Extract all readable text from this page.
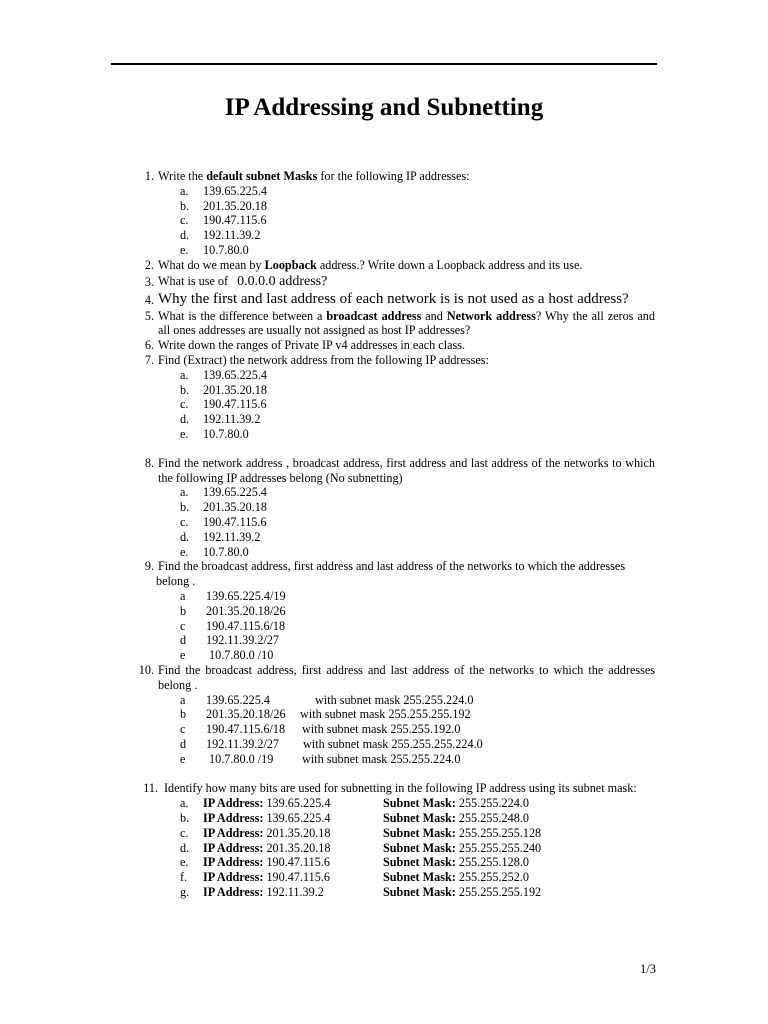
IP Addressing and Subnetting
1. Write the default subnet Masks for the following IP addresses:
a.	139.65.225.4
b.	201.35.20.18
c.	190.47.115.6
d.	192.11.39.2
e.	10.7.80.0
2. What do we mean by Loopback address.? Write down a Loopback address and its use.
3. What is use of 0.0.0.0 address?
4. Why the first and last address of each network is is not used as a host address?
5. What is the difference between a broadcast address and Network address? Why the all zeros and all ones addresses are usually not assigned as host IP addresses?
6. Write down the ranges of Private IP v4 addresses in each class.
7. Find (Extract) the network address from the following IP addresses:
a.	139.65.225.4
b.	201.35.20.18
c.	190.47.115.6
d.	192.11.39.2
e.	10.7.80.0
8. Find the network address , broadcast address, first address and last address of the networks to which the following IP addresses belong (No subnetting)
a.	139.65.225.4
b.	201.35.20.18
c.	190.47.115.6
d.	192.11.39.2
e.	10.7.80.0
9. Find the broadcast address, first address and last address of the networks to which the addresses
belong .
a	139.65.225.4/19
b	201.35.20.18/26
c	190.47.115.6/18
d	192.11.39.2/27
e	10.7.80.0 /10
10. Find the broadcast address, first address and last address of the networks to which the addresses belong .
a	139.65.225.4	with subnet mask 255.255.224.0
b	201.35.20.18/26 with subnet mask 255.255.255.192
c	190.47.115.6/18 with subnet mask 255.255.192.0
d	192.11.39.2/27 with subnet mask 255.255.255.224.0
e	10.7.80.0 /19 with subnet mask 255.255.224.0
11. Identify how many bits are used for subnetting in the following IP address using its subnet mask:
a.	IP Address: 139.65.225.4	Subnet Mask: 255.255.224.0
b.	IP Address: 139.65.225.4	Subnet Mask: 255.255.248.0
c.	IP Address: 201.35.20.18	Subnet Mask: 255.255.255.128
d.	IP Address: 201.35.20.18	Subnet Mask: 255.255.255.240
e.	IP Address: 190.47.115.6	Subnet Mask: 255.255.128.0
f.	IP Address: 190.47.115.6	Subnet Mask: 255.255.252.0
g.	IP Address: 192.11.39.2	Subnet Mask: 255.255.255.192
1/3
